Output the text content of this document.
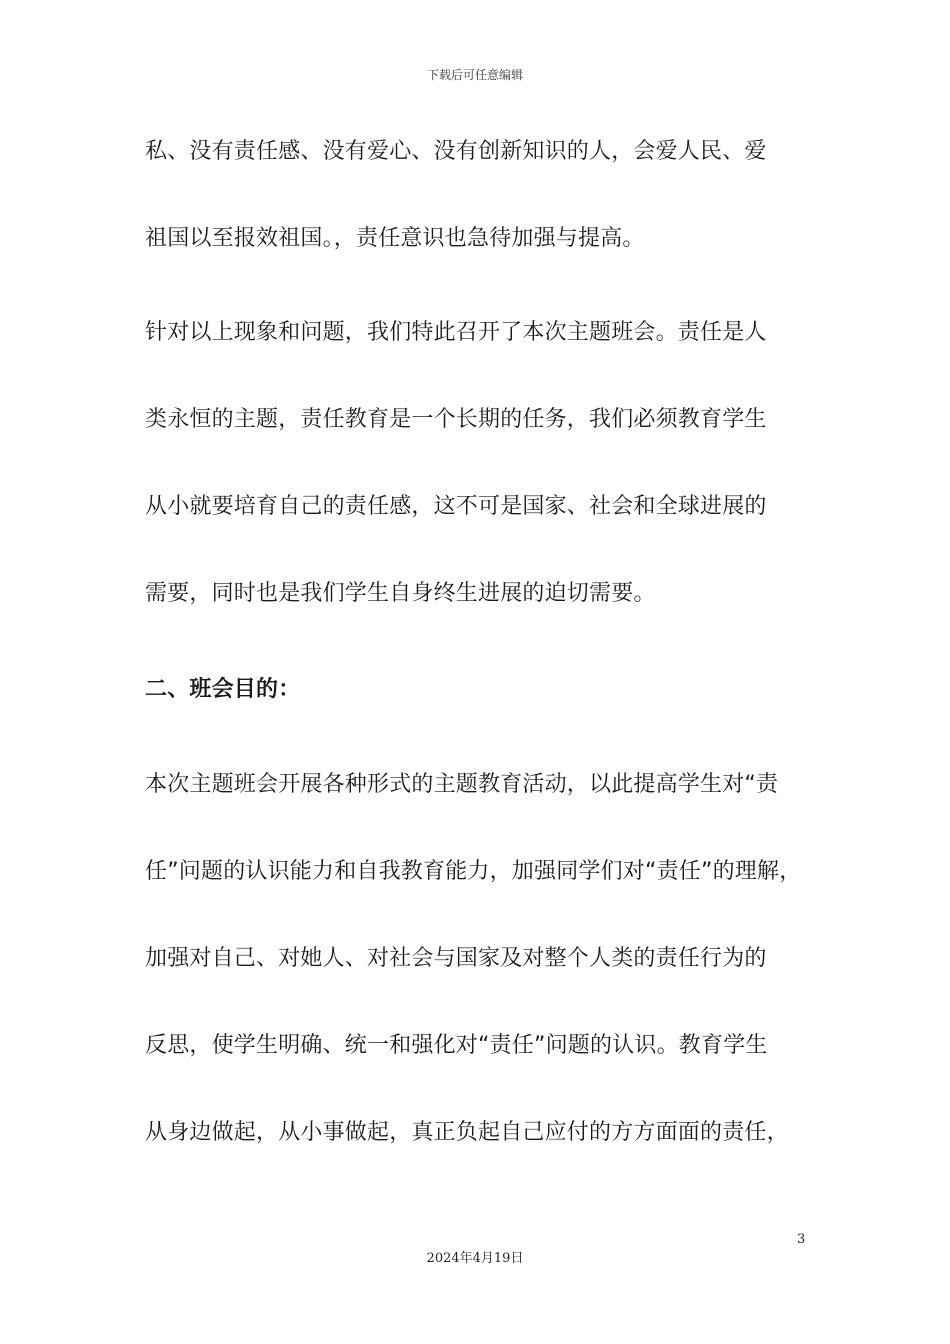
下载后可任意编辑
私、没有责任感、没有爱心、没有创新知识的人，会爱人民、爱
祖国以至报效祖国。，责任意识也急待加强与提高。
针对以上现象和问题，我们特此召开了本次主题班会。责任是人
类永恒的主题，责任教育是一个长期的任务，我们必须教育学生
从小就要培育自己的责任感，这不可是国家、社会和全球进展的
需要，同时也是我们学生自身终生进展的迫切需要。
二、班会目的：
本次主题班会开展各种形式的主题教育活动，以此提高学生对“责
任”问题的认识能力和自我教育能力，加强同学们对“责任”的理解，
加强对自己、对她人、对社会与国家及对整个人类的责任行为的
反思，使学生明确、统一和强化对“责任”问题的认识。教育学生
从身边做起，从小事做起，真正负起自己应付的方方面面的责任，
3
2024年4月19日
